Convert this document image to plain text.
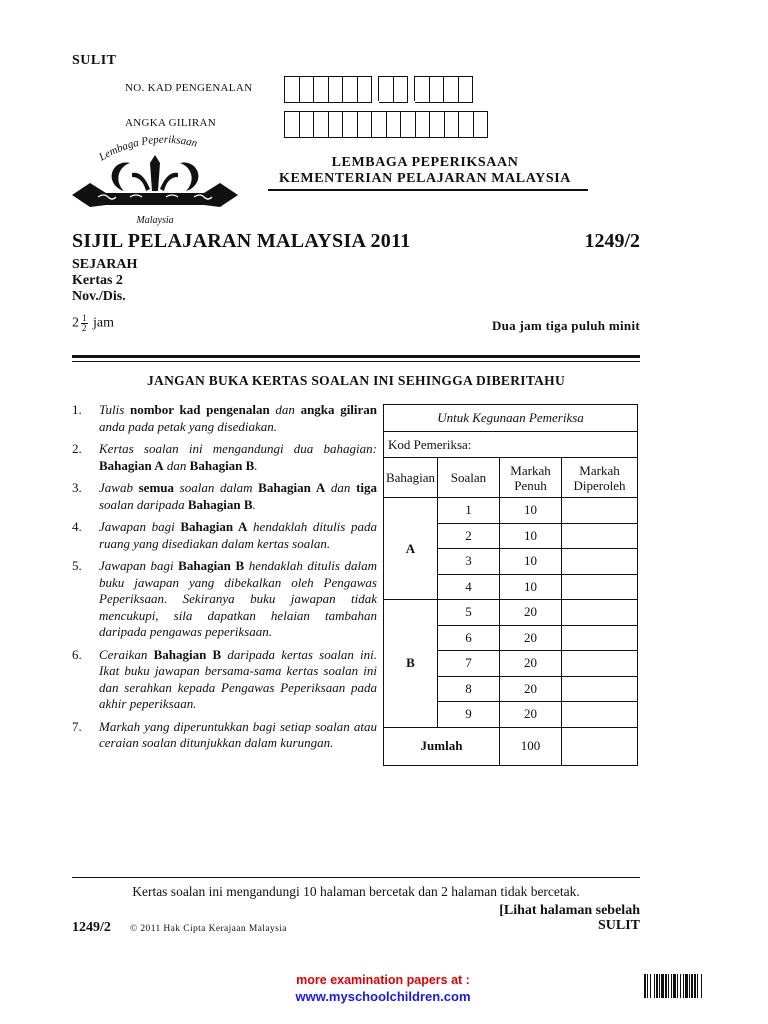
SULIT
NO. KAD PENGENALAN
ANGKA GILIRAN
Lembaga Peperiksaan
Malaysia
LEMBAGA PEPERIKSAAN
KEMENTERIAN PELAJARAN MALAYSIA
SIJIL PELAJARAN MALAYSIA 2011	1249/2
SEJARAH
Kertas 2
Nov./Dis.
$2 \frac{1}{2}$ jam	Dua jam tiga puluh minit
JANGAN BUKA KERTAS SOALAN INI SEHINGGA DIBERITAHU
1. Tulis nombor kad pengenalan dan angka giliran anda pada petak yang disediakan.
2. Kertas soalan ini mengandungi dua bahagian: Bahagian A dan Bahagian B.
3. Jawab semua soalan dalam Bahagian A dan tiga soalan daripada Bahagian B.
4. Jawapan bagi Bahagian A hendaklah ditulis pada ruang yang disediakan dalam kertas soalan.
5. Jawapan bagi Bahagian B hendaklah ditulis dalam buku jawapan yang dibekalkan oleh Pengawas Peperiksaan. Sekiranya buku jawapan tidak mencukupi, sila dapatkan helaian tambahan daripada pengawas peperiksaan.
6. Ceraikan Bahagian B daripada kertas soalan ini. Ikat buku jawapan bersama-sama kertas soalan ini dan serahkan kepada Pengawas Peperiksaan pada akhir peperiksaan.
7. Markah yang diperuntukkan bagi setiap soalan atau ceraian soalan ditunjukkan dalam kurungan.
Untuk Kegunaan Pemeriksa			
Kod Pemeriksa:			
Bahagian	Soalan	Markah Penuh	Markah Diperoleh
A	1	10	
	2	10	
	3	10	
	4	10	
B	5	20	
	6	20	
	7	20	
	8	20	
	9	20	
Jumlah		100	
Kertas soalan ini mengandungi 10 halaman bercetak dan 2 halaman tidak bercetak.
[Lihat halaman sebelah
1249/2 © 2011 Hak Cipta Kerajaan Malaysia	SULIT
more examination papers at :
www.myschoolchildren.com
